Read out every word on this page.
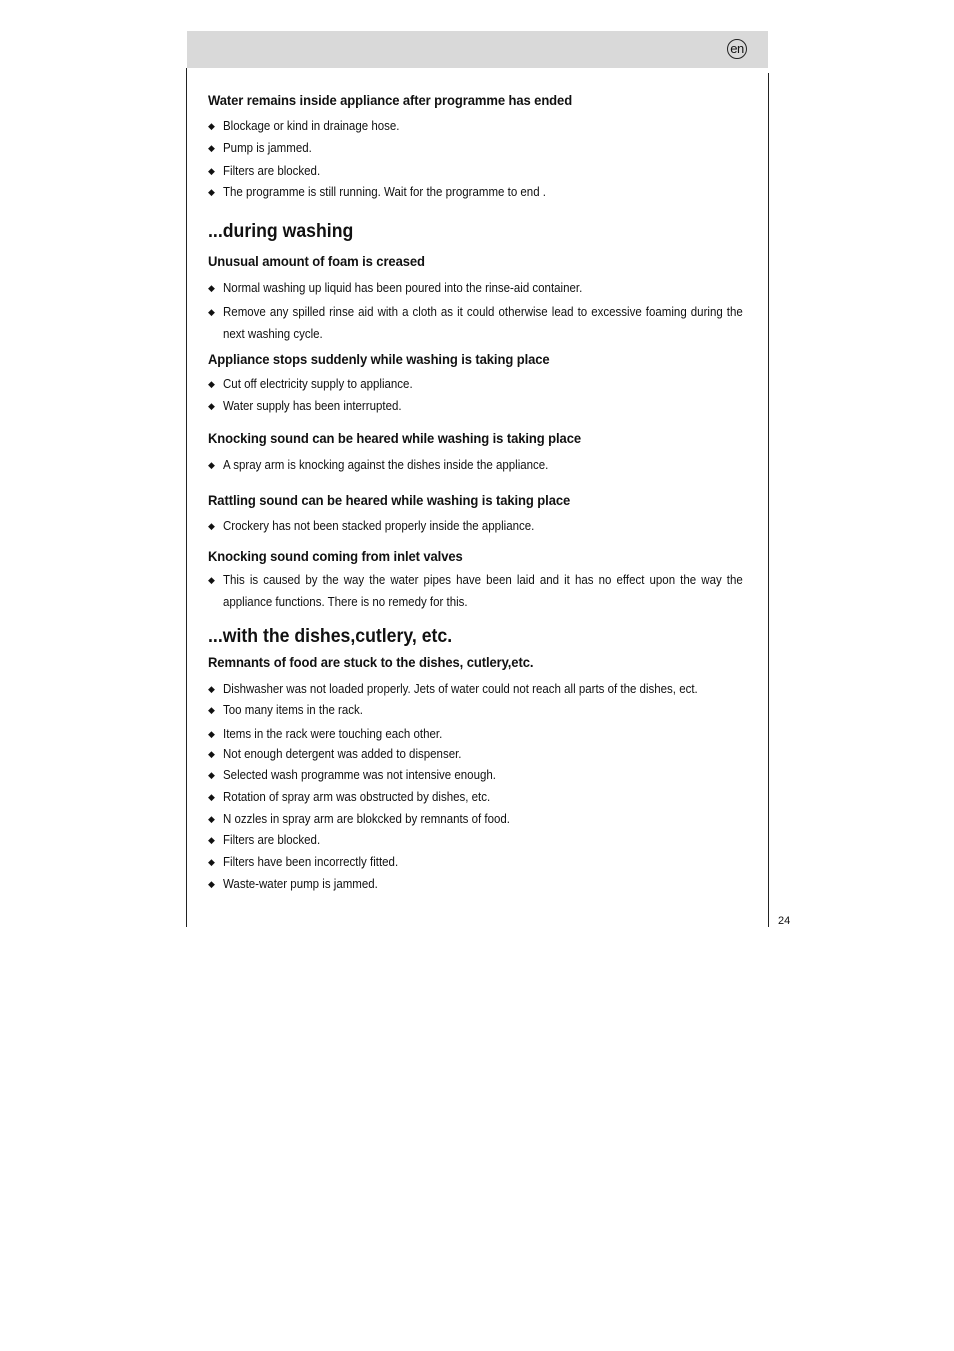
en
24
Water remains inside appliance after programme has ended
◆ Blockage or kind in drainage hose.
◆ Pump is jammed.
◆ Filters are blocked.
◆ The programme is still running. Wait for the programme to end .
...during washing
Unusual amount of foam is creased
◆ Normal washing up liquid has been poured into the rinse-aid container.
◆ Remove any spilled rinse aid with a cloth as it could otherwise lead to excessive foaming during the next washing cycle.
Appliance stops suddenly while washing is taking place
◆ Cut off electricity supply to appliance.
◆ Water supply has been interrupted.
Knocking sound can be heared while washing is taking place
◆ A spray arm is knocking against the dishes inside the appliance.
Rattling sound can be heared while washing is taking place
◆ Crockery has not been stacked properly inside the appliance.
Knocking sound coming from inlet valves
◆ This is caused by the way the water pipes have been laid and it has no effect upon the way the appliance functions. There is no remedy for this.
...with the dishes,cutlery, etc.
Remnants of food are stuck to the dishes, cutlery,etc.
◆ Dishwasher was not loaded properly. Jets of water could not reach all parts of the dishes, ect.
◆ Too many items in the rack.
◆ Items in the rack were touching each other.
◆ Not enough detergent was added to dispenser.
◆ Selected wash programme was not intensive enough.
◆ Rotation of spray arm was obstructed by dishes, etc.
◆ N ozzles in spray arm are blokcked by remnants of food.
◆ Filters are blocked.
◆ Filters have been incorrectly fitted.
◆ Waste-water pump is jammed.
